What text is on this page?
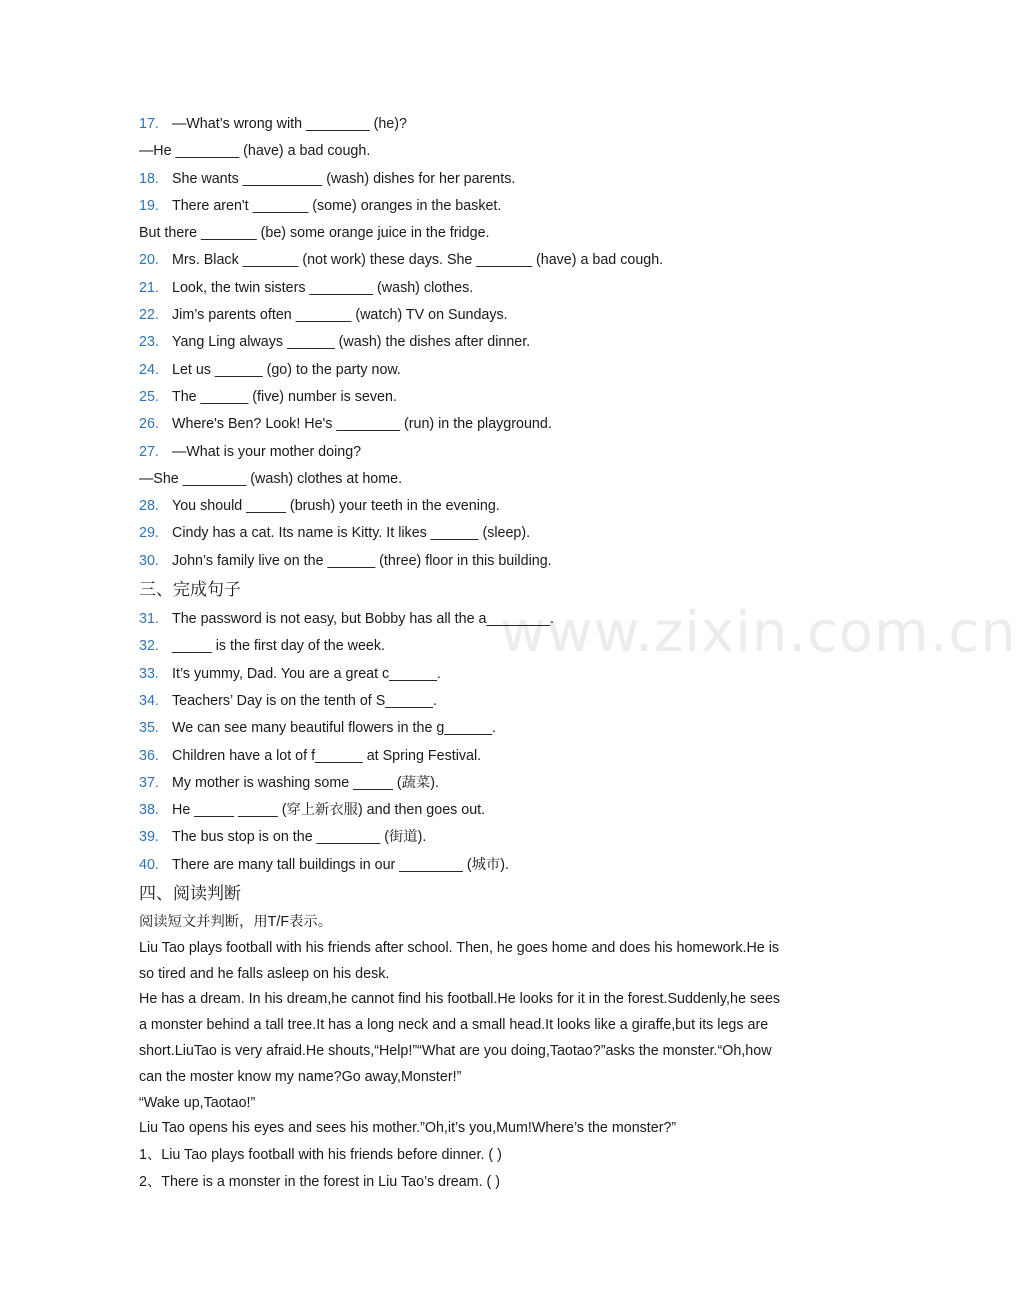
www.zixin.com.cn
17. —What’s wrong with ________ (he)?
—He ________ (have) a bad cough.
18. She wants __________ (wash) dishes for her parents.
19. There aren't _______ (some) oranges in the basket.
But there _______ (be) some orange juice in the fridge.
20. Mrs. Black _______ (not work) these days. She _______ (have) a bad cough.
21. Look, the twin sisters ________ (wash) clothes.
22. Jim’s parents often _______ (watch) TV on Sundays.
23. Yang Ling always ______ (wash) the dishes after dinner.
24. Let us ______ (go) to the party now.
25. The ______ (five) number is seven.
26. Where's Ben? Look! He's ________ (run) in the playground.
27. —What is your mother doing?
—She ________ (wash) clothes at home.
28. You should _____ (brush) your teeth in the evening.
29. Cindy has a cat. Its name is Kitty. It likes ______ (sleep).
30. John’s family live on the ______ (three) floor in this building.
三、完成句子
31. The password is not easy, but Bobby has all the a________.
32. _____ is the first day of the week.
33. It’s yummy, Dad. You are a great c______.
34. Teachers’ Day is on the tenth of S______.
35. We can see many beautiful flowers in the g______.
36. Children have a lot of f______ at Spring Festival.
37. My mother is washing some _____ (蔬菜).
38. He _____ _____ (穿上新衣服) and then goes out.
39. The bus stop is on the ________ (街道).
40. There are many tall buildings in our ________ (城市).
四、阅读判断
阅读短文并判断，用T/F表示。
Liu Tao plays football with his friends after school. Then, he goes home and does his homework.He is so tired and he falls asleep on his desk.
He has a dream. In his dream,he cannot find his football.He looks for it in the forest.Suddenly,he sees a monster behind a tall tree.It has a long neck and a small head.It looks like a giraffe,but its legs are short.LiuTao is very afraid.He shouts,“Help!”“What are you doing,Taotao?”asks the monster.“Oh,how can the moster know my name?Go away,Monster!”
“Wake up,Taotao!”
Liu Tao opens his eyes and sees his mother.”Oh,it’s you,Mum!Where’s the monster?”
1、Liu Tao plays football with his friends before dinner. ( )
2、There is a monster in the forest in Liu Tao’s dream. ( )
